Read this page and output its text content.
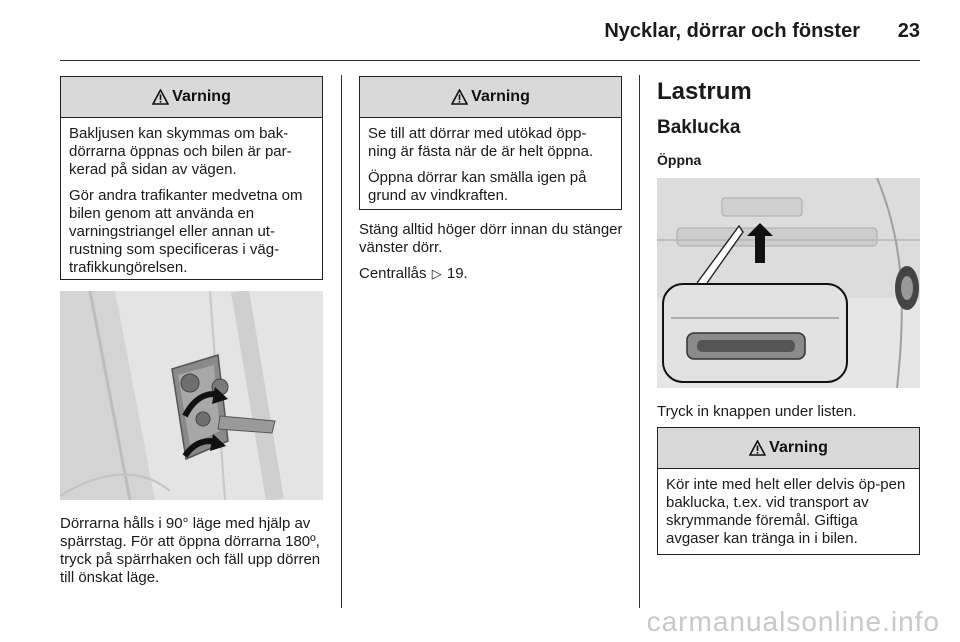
Nycklar, dörrar och fönster 23
Varning

Bakljusen kan skymmas om bak-dörrarna öppnas och bilen är par-kerad på sidan av vägen.

Gör andra trafikanter medvetna om bilen genom att använda en varningstriangel eller annan ut-rustning som specificeras i väg-trafikkungörelsen.

Dörrarna hålls i 90° läge med hjälp av spärrstag. För att öppna dörrarna 180º, tryck på spärrhaken och fäll upp dörren till önskat läge.

Varning

Se till att dörrar med utökad öpp-ning är fästa när de är helt öppna.

Öppna dörrar kan smälla igen på grund av vindkraften.

Stäng alltid höger dörr innan du stänger vänster dörr.

Centrallås ▷ 19.

Lastrum
Baklucka
Öppna

Tryck in knappen under listen.

Varning

Kör inte med helt eller delvis öp-pen baklucka, t.ex. vid transport av skrymmande föremål. Giftiga avgaser kan tränga in i bilen.

carmanualsonline.info
